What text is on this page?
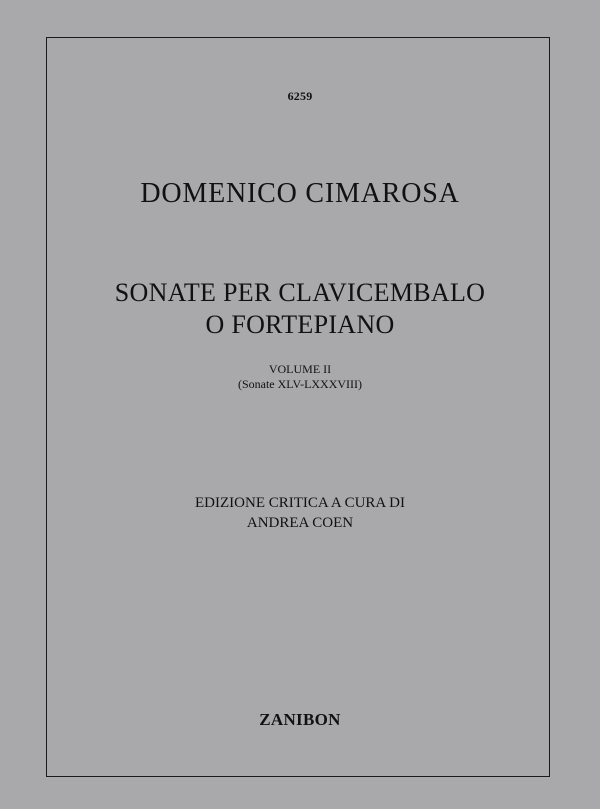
6259
DOMENICO CIMAROSA
SONATE PER CLAVICEMBALO
O FORTEPIANO
VOLUME II
(Sonate XLV-LXXXVIII)
EDIZIONE CRITICA A CURA DI
ANDREA COEN
ZANIBON
